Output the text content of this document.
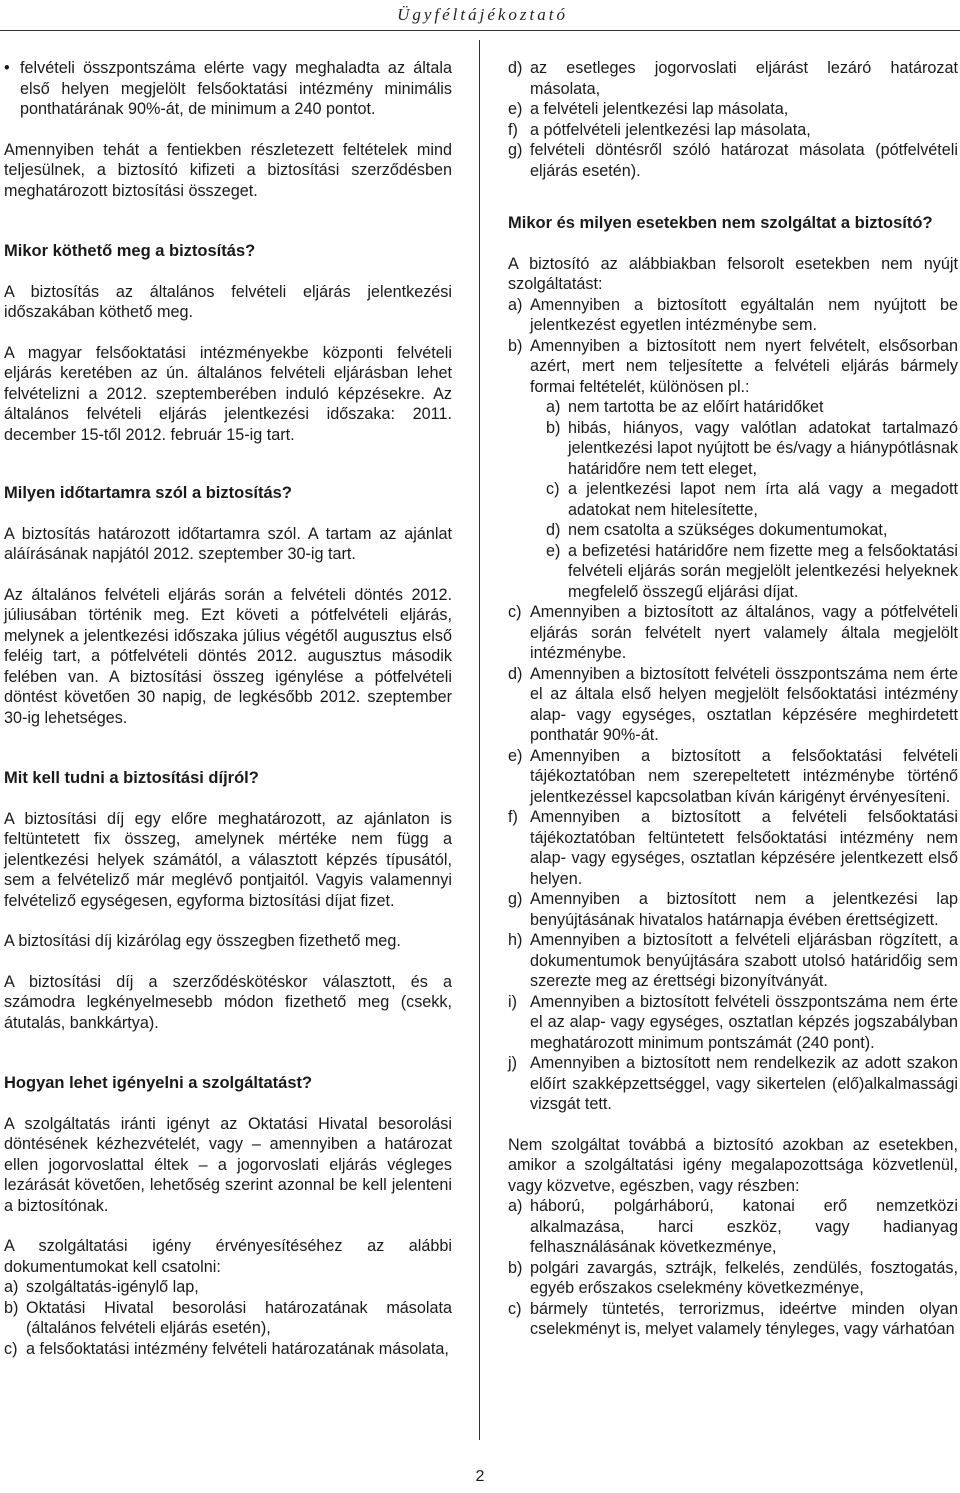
Ügyféltájékoztató
• felvételi összpontszáma elérte vagy meghaladta az általa első helyen megjelölt felsőoktatási intézmény minimális ponthatárának 90%-át, de minimum a 240 pontot.

Amennyiben tehát a fentiekben részletezett feltételek mind teljesülnek, a biztosító kifizeti a biztosítási szerződésben meghatározott biztosítási összeget.

Mikor köthető meg a biztosítás?

A biztosítás az általános felvételi eljárás jelentkezési időszakában köthető meg.

A magyar felsőoktatási intézményekbe központi felvételi eljárás keretében az ún. általános felvételi eljárásban lehet felvételizni a 2012. szeptemberében induló képzésekre. Az általános felvételi eljárás jelentkezési időszaka: 2011. december 15-től 2012. február 15-ig tart.

Milyen időtartamra szól a biztosítás?

A biztosítás határozott időtartamra szól. A tartam az ajánlat aláírásának napjától 2012. szeptember 30-ig tart.

Az általános felvételi eljárás során a felvételi döntés 2012. júliusában történik meg. Ezt követi a pótfelvételi eljárás, melynek a jelentkezési időszaka július végétől augusztus első feléig tart, a pótfelvételi döntés 2012. augusztus második felében van. A biztosítási összeg igénylése a pótfelvételi döntést követően 30 napig, de legkésőbb 2012. szeptember 30-ig lehetséges.

Mit kell tudni a biztosítási díjról?

A biztosítási díj egy előre meghatározott, az ajánlaton is feltüntetett fix összeg, amelynek mértéke nem függ a jelentkezési helyek számától, a választott képzés típusától, sem a felvételiző már meglévő pontjaitól. Vagyis valamennyi felvételiző egységesen, egyforma biztosítási díjat fizet.

A biztosítási díj kizárólag egy összegben fizethető meg.

A biztosítási díj a szerződéskötéskor választott, és a számodra legkényelmesebb módon fizethető meg (csekk, átutalás, bankkártya).

Hogyan lehet igényelni a szolgáltatást?

A szolgáltatás iránti igényt az Oktatási Hivatal besorolási döntésének kézhezvételét, vagy – amennyiben a határozat ellen jogorvoslattal éltek – a jogorvoslati eljárás végleges lezárását követően, lehetőség szerint azonnal be kell jelenteni a biztosítónak.

A szolgáltatási igény érvényesítéséhez az alábbi dokumentumokat kell csatolni:

a) szolgáltatás-igénylő lap,
b) Oktatási Hivatal besorolási határozatának másolata (általános felvételi eljárás esetén),
c) a felsőoktatási intézmény felvételi határozatának másolata,
d) az esetleges jogorvoslati eljárást lezáró határozat másolata,
e) a felvételi jelentkezési lap másolata,
f) a pótfelvételi jelentkezési lap másolata,
g) felvételi döntésről szóló határozat másolata (pótfelvételi eljárás esetén).
Mikor és milyen esetekben nem szolgáltat a biztosító?

A biztosító az alábbiakban felsorolt esetekben nem nyújt szolgáltatást:

a) Amennyiben a biztosított egyáltalán nem nyújtott be jelentkezést egyetlen intézménybe sem.
b) Amennyiben a biztosított nem nyert felvételt, elsősorban azért, mert nem teljesítette a felvételi eljárás bármely formai feltételét, különösen pl.:
a) nem tartotta be az előírt határidőket
b) hibás, hiányos, vagy valótlan adatokat tartalmazó jelentkezési lapot nyújtott be és/vagy a hiánypótlásnak határidőre nem tett eleget,
c) a jelentkezési lapot nem írta alá vagy a megadott adatokat nem hitelesítette,
d) nem csatolta a szükséges dokumentumokat,
e) a befizetési határidőre nem fizette meg a felsőoktatási felvételi eljárás során megjelölt jelentkezési helyeknek megfelelő összegű eljárási díjat.
c) Amennyiben a biztosított az általános, vagy a pótfelvételi eljárás során felvételt nyert valamely általa megjelölt intézménybe.
d) Amennyiben a biztosított felvételi összpontszáma nem érte el az általa első helyen megjelölt felsőoktatási intézmény alap- vagy egységes, osztatlan képzésére meghirdetett ponthatár 90%-át.
e) Amennyiben a biztosított a felsőoktatási felvételi tájékoztatóban nem szerepeltetett intézménybe történő jelentkezéssel kapcsolatban kíván kárigényt érvényesíteni.
f) Amennyiben a biztosított a felvételi felsőoktatási tájékoztatóban feltüntetett felsőoktatási intézmény nem alap- vagy egységes, osztatlan képzésére jelentkezett első helyen.
g) Amennyiben a biztosított nem a jelentkezési lap benyújtásának hivatalos határnapja évében érettségizett.
h) Amennyiben a biztosított a felvételi eljárásban rögzített, a dokumentumok benyújtására szabott utolsó határidőig sem szerezte meg az érettségi bizonyítványát.
i) Amennyiben a biztosított felvételi összpontszáma nem érte el az alap- vagy egységes, osztatlan képzés jogszabályban meghatározott minimum pontszámát (240 pont).
j) Amennyiben a biztosított nem rendelkezik az adott szakon előírt szakképzettséggel, vagy sikertelen (elő)alkalmassági vizsgát tett.

Nem szolgáltat továbbá a biztosító azokban az esetekben, amikor a szolgáltatási igény megalapozottsága közvetlenül, vagy közvetve, egészben, vagy részben:

a) háború, polgárháború, katonai erő nemzetközi alkalmazása, harci eszköz, vagy hadianyag felhasználásának következménye,
b) polgári zavargás, sztrájk, felkelés, zendülés, fosztogatás, egyéb erőszakos cselekmény következménye,
c) bármely tüntetés, terrorizmus, ideértve minden olyan cselekményt is, melyet valamely tényleges, vagy várhatóan
2
